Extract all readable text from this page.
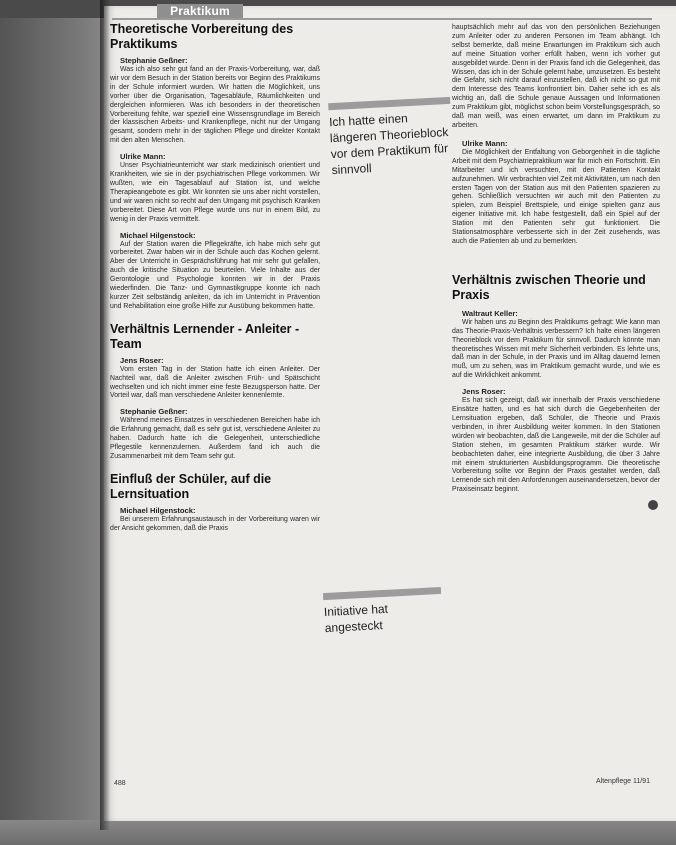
Praktikum
Theoretische Vorbereitung des Praktikums
Stephanie Geßner:

Was ich also sehr gut fand an der Praxis-Vorbereitung, war, daß wir vor dem Besuch in der Station bereits vor Beginn des Praktikums in der Schule informiert wurden. Wir hatten die Möglichkeit, uns vorher über die Organisation, Tagesabläufe, Räumlichkeiten und dergleichen informieren. Was ich besonders in der theoretischen Vorbereitung fehlte, war speziell eine Wissensgrundlage im Bereich der klassischen Arbeits- und Krankenpflege, nicht nur der Umgang gesamt, sondern mehr in der täglichen Pflege und direkter Kontakt mit den alten Menschen.

Ulrike Mann:

Unser Psychiatrieunterricht war stark medizinisch orientiert und Krankheiten, wie sie in der psychiatrischen Pflege vorkommen. Wir wußten, wie ein Tagesablauf auf Station ist, und welche Therapieangebote es gibt. Wir konnten sie uns aber nicht vorstellen, und wir waren nicht so recht auf den Umgang mit psychisch Kranken vorbereitet. Diese Art von Pflege wurde uns nur in einem Bild, zu wenig in der Praxis vermittelt.

Michael Hilgenstock:

Auf der Station waren die Pflegekräfte, ich habe mich sehr gut vorbereitet. Zwar haben wir in der Schule auch das Kochen gelernt. Aber der Unterricht in Gesprächsführung hat mir sehr gut gefallen, auch die kritische Situation zu beurteilen. Viele Inhalte aus der Gerontologie und Psychologie konnten wir in der Praxis wiederfinden. Die Tanz- und Gymnastikgruppe konnte ich nach kurzer Zeit selbständig anleiten, da ich im Unterricht in Prävention und Rehabilitation eine große Hilfe zur Ausübung bekommen hatte.

Verhältnis Lernender - Anleiter - Team
Jens Roser:

Vom ersten Tag in der Station hatte ich einen Anleiter. Der Nachteil war, daß die Anleiter zwischen Früh- und Spätschicht wechselten und ich nicht immer eine feste Bezugsperson hatte. Der Vorteil war, daß man verschiedene Anleiter kennenlernte.

Stephanie Geßner:

Während meines Einsatzes in verschiedenen Bereichen habe ich die Erfahrung gemacht, daß es sehr gut ist, verschiedene Anleiter zu haben. Dadurch hatte ich die Gelegenheit, unterschiedliche Pflegestile kennenzulernen. Außerdem fand ich auch die Zusammenarbeit mit dem Team sehr gut.

Einfluß der Schüler, auf die Lernsituation
Michael Hilgenstock:

Bei unserem Erfahrungsaustausch in der Vorbereitung waren wir der Ansicht gekommen, daß die Praxis

Ich hatte einen längeren Theorieblock vor dem Praktikum für sinnvoll
Initiative hat angesteckt

hauptsächlich mehr auf das von den persönlichen Beziehungen zum Anleiter oder zu anderen Personen im Team abhängt. Ich selbst bemerkte, daß meine Erwartungen im Praktikum sich auch auf meine Situation vorher erfüllt haben, wenn ich vorher gut ausgebildet wurde. Denn in der Praxis fand ich die Gelegenheit, das Wissen, das ich in der Schule gelernt habe, umzusetzen. Es besteht die Gefahr, sich nicht darauf einzustellen, daß ich nicht so gut mit dem Interesse des Teams konfrontiert bin. Daher sehe ich es als wichtig an, daß die Schule genaue Aussagen und Informationen zum Praktikum gibt, möglichst schon beim Vorstellungsgespräch, so daß man weiß, was einen erwartet, um dann im Praktikum zu arbeiten.

Ulrike Mann:

Die Möglichkeit der Entfaltung von Geborgenheit in die tägliche Arbeit mit dem Psychiatriepraktikum war für mich ein Fortschritt. Ein Mitarbeiter und ich versuchten, mit den Patienten Kontakt aufzunehmen. Wir verbrachten viel Zeit mit Aktivitäten, um nach den ersten Tagen von der Station aus mit den Patienten spazieren zu gehen. Schließlich versuchten wir auch mit den Patienten zu spielen, zum Beispiel Brettspiele, und einige spielten ganz aus eigener Initiative mit. Ich habe festgestellt, daß ein Spiel auf der Station mit den Patienten sehr gut funktioniert. Die Stationsatmosphäre verbesserte sich in der Zeit zusehends, was auch die Patienten ab und zu bemerkten.

Verhältnis zwischen Theorie und Praxis
Waltraut Keller:

Wir haben uns zu Beginn des Praktikums gefragt: Wie kann man das Theorie-Praxis-Verhältnis verbessern? Ich halte einen längeren Theorieblock vor dem Praktikum für sinnvoll. Dadurch könnte man theoretisches Wissen mit mehr Sicherheit verbinden. Es lehrte uns, daß man in der Schule, in der Praxis und im Alltag dauernd lernen muß, um zu sehen, was im Praktikum gemacht wurde, und wie es auf die Wirklichkeit ankommt.

Jens Roser:

Es hat sich gezeigt, daß wir innerhalb der Praxis verschiedene Einsätze hatten, und es hat sich durch die Gegebenheiten der Lernsituation ergeben, daß Schüler, die Theorie und Praxis verbinden, in ihrer Ausbildung weiter kommen. In den Stationen würden wir beobachten, daß die Langeweile, mit der die Schüler auf Station stehen, im gesamten Praktikum stärker wurde. Wir beobachteten daher, eine integrierte Ausbildung, die über 3 Jahre mit einem strukturierten Ausbildungsprogramm. Die theoretische Vorbereitung sollte vor Beginn der Praxis gestaltet werden, daß Lernende sich mit den Anforderungen auseinandersetzen, bevor der Praxiseinsatz beginnt.

488	Altenpflege 11/91
